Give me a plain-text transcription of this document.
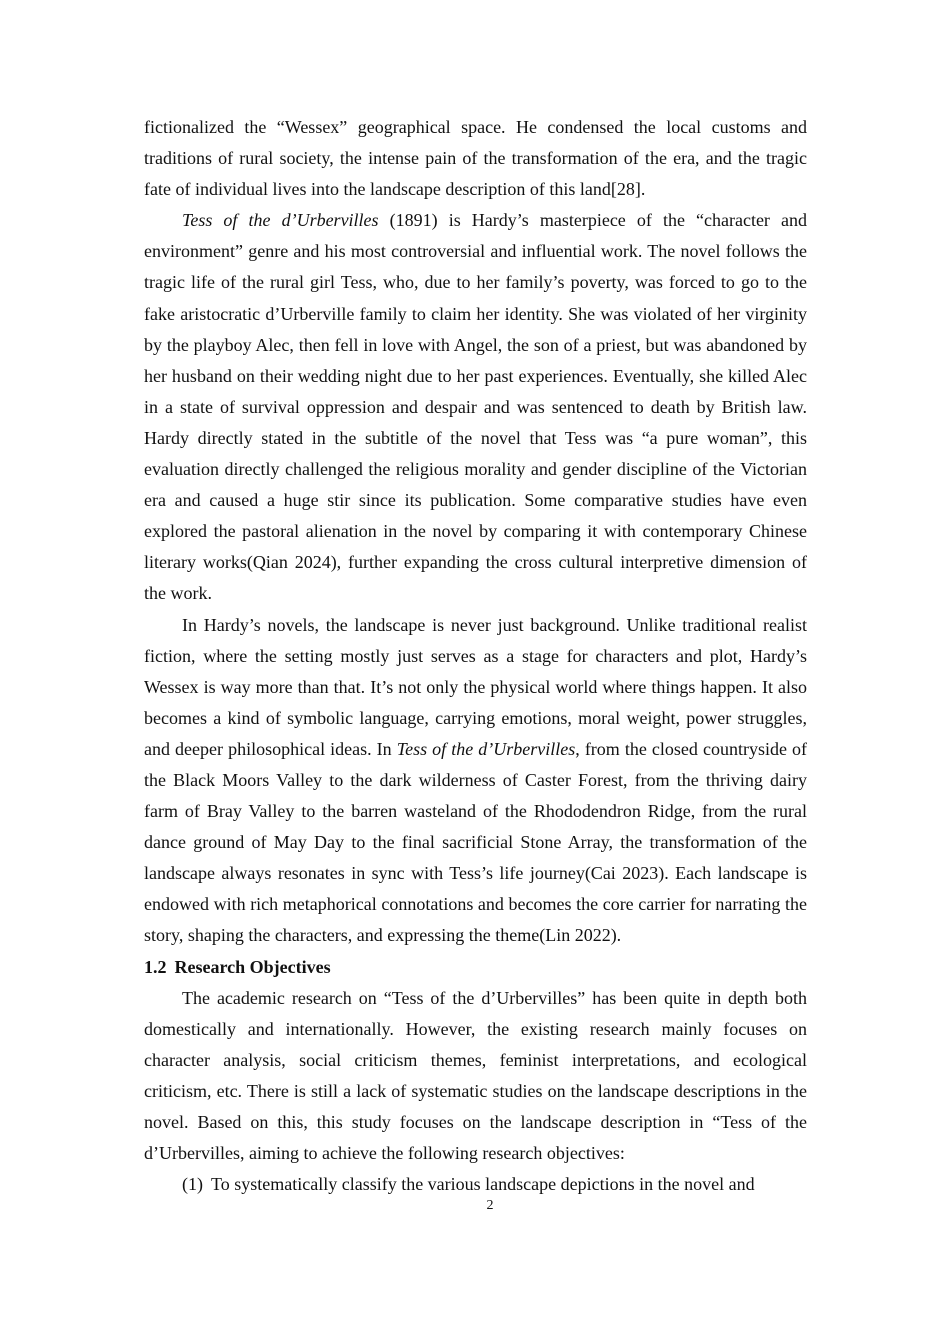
fictionalized the “Wessex” geographical space. He condensed the local customs and traditions of rural society, the intense pain of the transformation of the era, and the tragic fate of individual lives into the landscape description of this land[28].

Tess of the d’Urbervilles (1891) is Hardy’s masterpiece of the “character and environment” genre and his most controversial and influential work. The novel follows the tragic life of the rural girl Tess, who, due to her family’s poverty, was forced to go to the fake aristocratic d’Urberville family to claim her identity. She was violated of her virginity by the playboy Alec, then fell in love with Angel, the son of a priest, but was abandoned by her husband on their wedding night due to her past experiences. Eventually, she killed Alec in a state of survival oppression and despair and was sentenced to death by British law. Hardy directly stated in the subtitle of the novel that Tess was “a pure woman”, this evaluation directly challenged the religious morality and gender discipline of the Victorian era and caused a huge stir since its publication. Some comparative studies have even explored the pastoral alienation in the novel by comparing it with contemporary Chinese literary works(Qian 2024), further expanding the cross cultural interpretive dimension of the work.

In Hardy’s novels, the landscape is never just background. Unlike traditional realist fiction, where the setting mostly just serves as a stage for characters and plot, Hardy’s Wessex is way more than that. It’s not only the physical world where things happen. It also becomes a kind of symbolic language, carrying emotions, moral weight, power struggles, and deeper philosophical ideas. In Tess of the d’Urbervilles, from the closed countryside of the Black Moors Valley to the dark wilderness of Caster Forest, from the thriving dairy farm of Bray Valley to the barren wasteland of the Rhododendron Ridge, from the rural dance ground of May Day to the final sacrificial Stone Array, the transformation of the landscape always resonates in sync with Tess’s life journey(Cai 2023). Each landscape is endowed with rich metaphorical connotations and becomes the core carrier for narrating the story, shaping the characters, and expressing the theme(Lin 2022).

1.2 Research Objectives

The academic research on “Tess of the d’Urbervilles” has been quite in depth both domestically and internationally. However, the existing research mainly focuses on character analysis, social criticism themes, feminist interpretations, and ecological criticism, etc. There is still a lack of systematic studies on the landscape descriptions in the novel. Based on this, this study focuses on the landscape description in “Tess of the d’Urbervilles, aiming to achieve the following research objectives:

(1) To systematically classify the various landscape depictions in the novel and

2
